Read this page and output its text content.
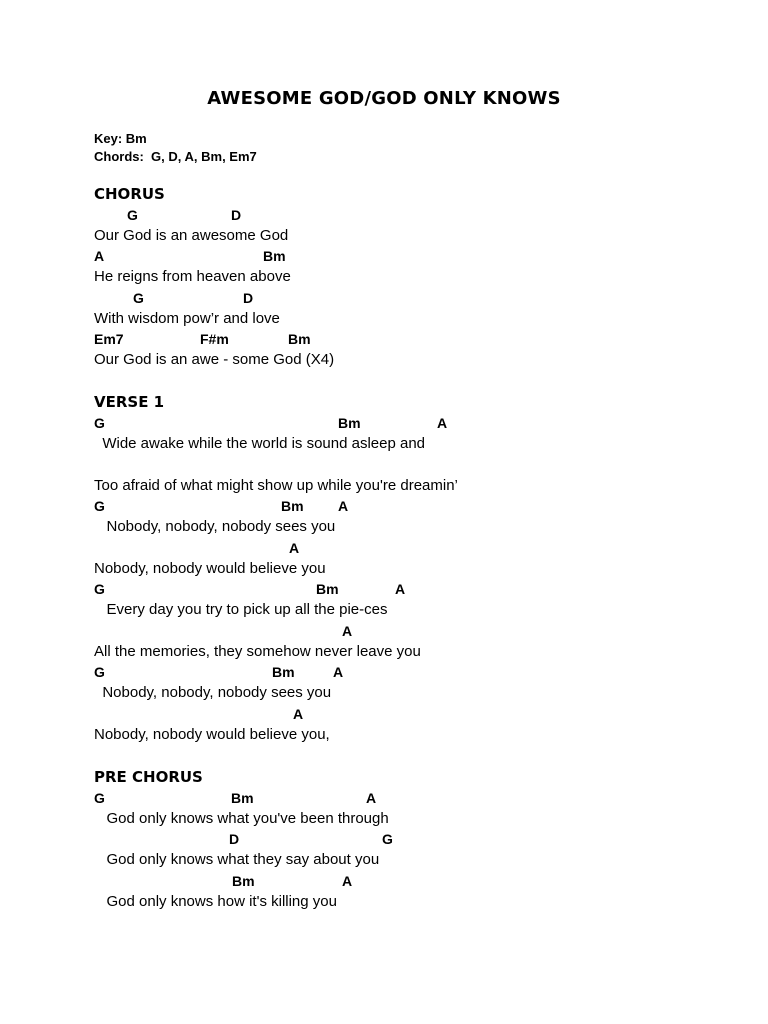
AWESOME GOD/GOD ONLY KNOWS
Key: Bm
Chords:  G, D, A, Bm, Em7
CHORUS
G	D
Our God is an awesome God
A	Bm
He reigns from heaven above
G	D
With wisdom pow’r and love
Em7	F#m	Bm
Our God is an awe - some God (X4)
VERSE 1
G	Bm	A
Wide awake while the world is sound asleep and
Too afraid of what might show up while you're dreamin’
G	Bm A
Nobody, nobody, nobody sees you
A
Nobody, nobody would believe you
G	Bm	A
Every day you try to pick up all the pie-ces
A
All the memories, they somehow never leave you
G	Bm	A
Nobody, nobody, nobody sees you
A
Nobody, nobody would believe you,
PRE CHORUS
G	Bm	A
God only knows what you've been through
D	G
God only knows what they say about you
Bm	A
God only knows how it's killing you
